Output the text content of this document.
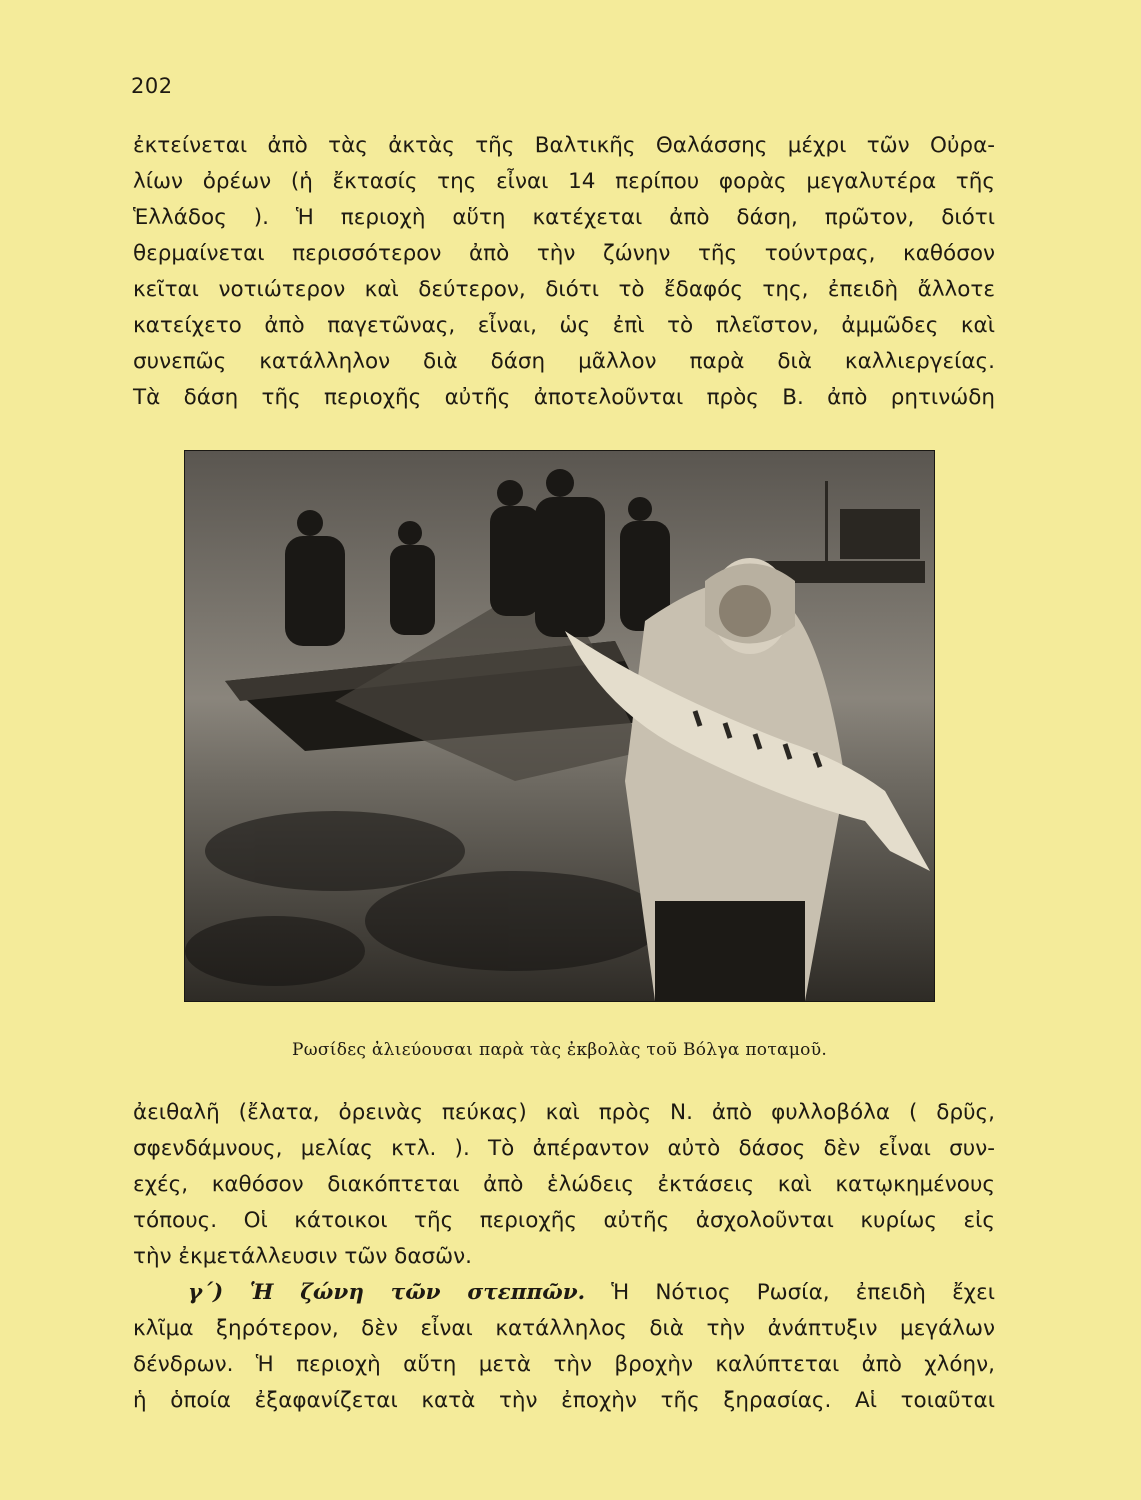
202
ἐκτείνεται ἀπὸ τὰς ἀκτὰς τῆς Βαλτικῆς Θαλάσσης μέχρι τῶν Οὐρα-
λίων ὀρέων (ἡ ἔκτασίς της εἶναι 14 περίπου φορὰς μεγαλυτέρα τῆς
Ἑλλάδος ). Ἡ περιοχὴ αὕτη κατέχεται ἀπὸ δάση, πρῶτον, διότι
θερμαίνεται περισσότερον ἀπὸ τὴν ζώνην τῆς τούντρας, καθόσον
κεῖται νοτιώτερον καὶ δεύτερον, διότι τὸ ἔδαφός της, ἐπειδὴ ἄλλοτε
κατείχετο ἀπὸ παγετῶνας, εἶναι, ὡς ἐπὶ τὸ πλεῖστον, ἀμμῶδες καὶ
συνεπῶς κατάλληλον διὰ δάση μᾶλλον παρὰ διὰ καλλιεργείας.
Τὰ δάση τῆς περιοχῆς αὐτῆς ἀποτελοῦνται πρὸς Β. ἀπὸ ρητινώδη
Ρωσίδες ἀλιεύουσαι παρὰ τὰς ἐκβολὰς τοῦ Βόλγα ποταμοῦ.
ἀειθαλῆ (ἔλατα, ὀρεινὰς πεύκας) καὶ πρὸς Ν. ἀπὸ φυλλοβόλα ( δρῦς,
σφενδάμνους, μελίας κτλ. ). Τὸ ἀπέραντον αὐτὸ δάσος δὲν εἶναι συν-
εχές, καθόσον διακόπτεται ἀπὸ ἑλώδεις ἐκτάσεις καὶ κατῳκημένους
τόπους. Οἱ κάτοικοι τῆς περιοχῆς αὐτῆς ἀσχολοῦνται κυρίως εἰς
τὴν ἐκμετάλλευσιν τῶν δασῶν.
γ΄) Ἡ ζώνη τῶν στεππῶν. Ἡ Νότιος Ρωσία, ἐπειδὴ ἔχει
κλῖμα ξηρότερον, δὲν εἶναι κατάλληλος διὰ τὴν ἀνάπτυξιν μεγάλων
δένδρων. Ἡ περιοχὴ αὕτη μετὰ τὴν βροχὴν καλύπτεται ἀπὸ χλόην,
ἡ ὁποία ἐξαφανίζεται κατὰ τὴν ἐποχὴν τῆς ξηρασίας. Αἱ τοιαῦται
